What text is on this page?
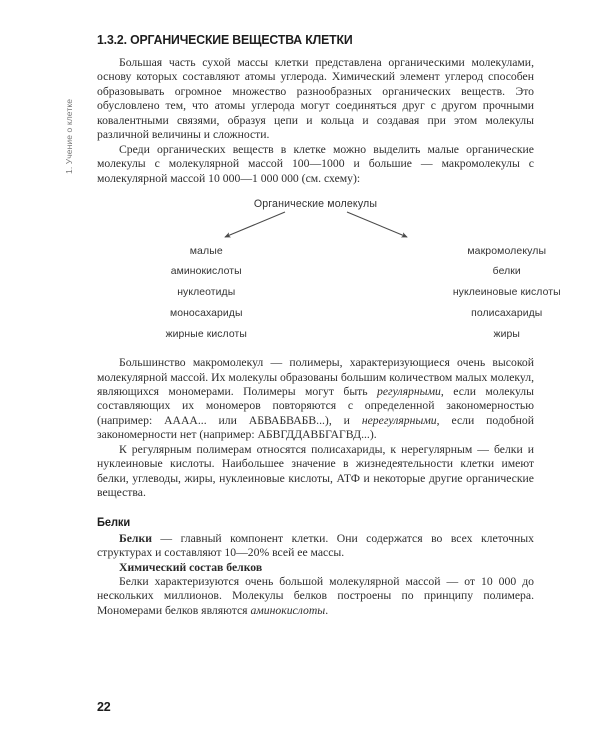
1. Учение о клетке
1.3.2. ОРГАНИЧЕСКИЕ ВЕЩЕСТВА КЛЕТКИ

Большая часть сухой массы клетки представлена органическими молекулами, основу которых составляют атомы углерода. Химический элемент углерод способен образовывать огромное множество разнообразных органических веществ. Это обусловлено тем, что атомы углерода могут соединяться друг с другом прочными ковалентными связями, образуя цепи и кольца и создавая при этом молекулы различной величины и сложности.

Среди органических веществ в клетке можно выделить малые органические молекулы с молекулярной массой 100—1000 и большие — макромолекулы с молекулярной массой 10 000—1 000 000 (см. схему):

Органические молекулы
малые	макромолекулы
аминокислоты	белки
нуклеотиды	нуклеиновые кислоты
моносахариды	полисахариды
жирные кислоты	жиры

Большинство макромолекул — полимеры, характеризующиеся очень высокой молекулярной массой. Их молекулы образованы большим количеством малых молекул, являющихся мономерами. Полимеры могут быть регулярными, если молекулы составляющих их мономеров повторяются с определенной закономерностью (например: АААА... или АБВАБВАБВ...), и нерегулярными, если подобной закономерности нет (например: АБВГДДАВБГАГВД...).

К регулярным полимерам относятся полисахариды, к нерегулярным — белки и нуклеиновые кислоты. Наибольшее значение в жизнедеятельности клетки имеют белки, углеводы, жиры, нуклеиновые кислоты, АТФ и некоторые другие органические вещества.

Белки

Белки — главный компонент клетки. Они содержатся во всех клеточных структурах и составляют 10—20% всей ее массы.

Химический состав белков

Белки характеризуются очень большой молекулярной массой — от 10 000 до нескольких миллионов. Молекулы белков построены по принципу полимера. Мономерами белков являются аминокислоты.

22
